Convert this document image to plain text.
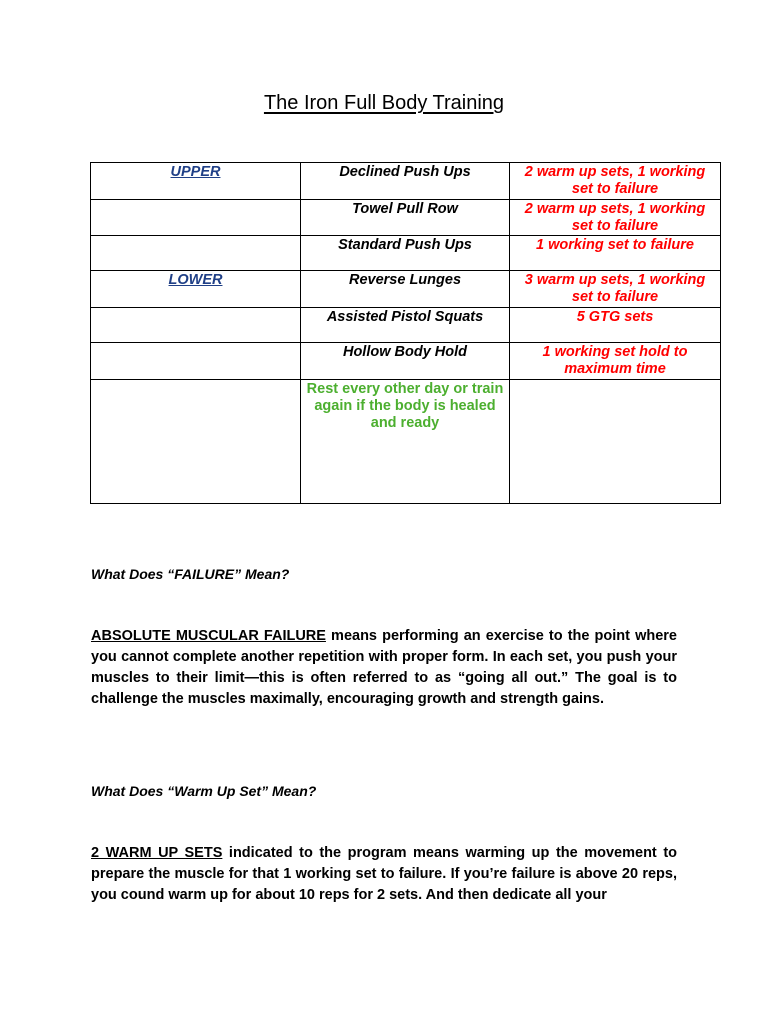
The Iron Full Body Training
UPPER	Declined Push Ups	2 warm up sets, 1 working set to failure
	Towel Pull Row	2 warm up sets, 1 working set to failure
	Standard Push Ups	1 working set to failure
LOWER	Reverse Lunges	3 warm up sets, 1 working set to failure
	Assisted Pistol Squats	5 GTG sets
	Hollow Body Hold	1 working set hold to maximum time
	Rest every other day or train again if the body is healed and ready	
What Does “FAILURE” Mean?
ABSOLUTE MUSCULAR FAILURE means performing an exercise to the point where you cannot complete another repetition with proper form. In each set, you push your muscles to their limit—this is often referred to as “going all out.” The goal is to challenge the muscles maximally, encouraging growth and strength gains.
What Does “Warm Up Set” Mean?
2 WARM UP SETS indicated to the program means warming up the movement to prepare the muscle for that 1 working set to failure. If you’re failure is above 20 reps, you cound warm up for about 10 reps for 2 sets. And then dedicate all your
